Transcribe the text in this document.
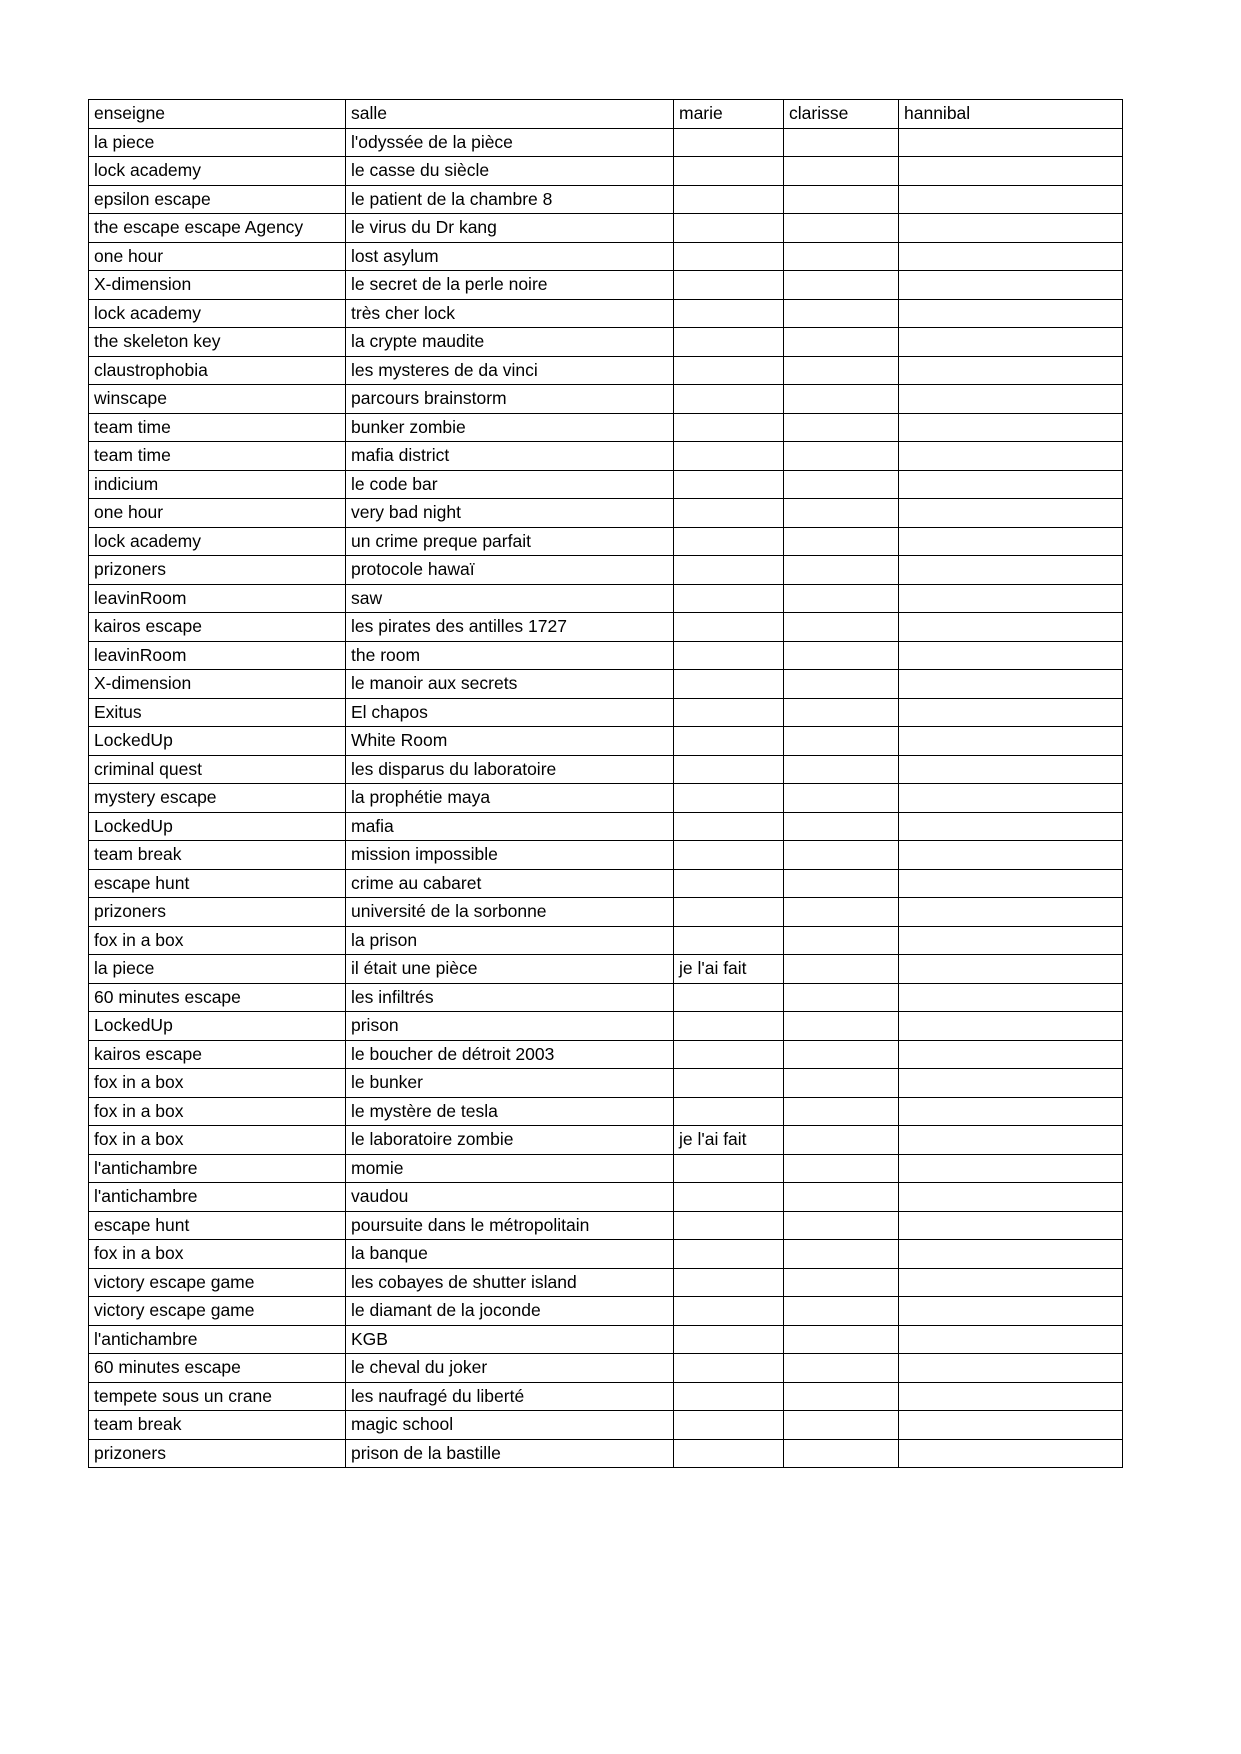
enseigne	salle	marie	clarisse	hannibal
la piece	l'odyssée de la pièce			
lock academy	le casse du siècle			
epsilon escape	le patient de la chambre 8			
the escape escape Agency	le virus du Dr kang			
one hour	lost asylum			
X-dimension	le secret de la perle noire			
lock academy	très cher lock			
the skeleton key	la crypte maudite			
claustrophobia	les mysteres de da vinci			
winscape	parcours brainstorm			
team time	bunker zombie			
team time	mafia district			
indicium	le code bar			
one hour	very bad night			
lock academy	un crime preque parfait			
prizoners	protocole hawaï			
leavinRoom	saw			
kairos escape	les pirates des antilles 1727			
leavinRoom	the room			
X-dimension	le manoir aux secrets			
Exitus	El chapos			
LockedUp	White Room			
criminal quest	les disparus du laboratoire			
mystery escape	la prophétie maya			
LockedUp	mafia			
team break	mission impossible			
escape hunt	crime au cabaret			
prizoners	université de la sorbonne			
fox in a box	la prison			
la piece	il était une pièce	je l'ai fait		
60 minutes escape	les infiltrés			
LockedUp	prison			
kairos escape	le boucher de détroit 2003			
fox in a box	le bunker			
fox in a box	le mystère de tesla			
fox in a box	le laboratoire zombie	je l'ai fait		
l'antichambre	momie			
l'antichambre	vaudou			
escape hunt	poursuite dans le métropolitain			
fox in a box	la banque			
victory escape game	les cobayes de shutter island			
victory escape game	le diamant de la joconde			
l'antichambre	KGB			
60 minutes escape	le cheval du joker			
tempete sous un crane	les naufragé du liberté			
team break	magic school			
prizoners	prison de la bastille			
